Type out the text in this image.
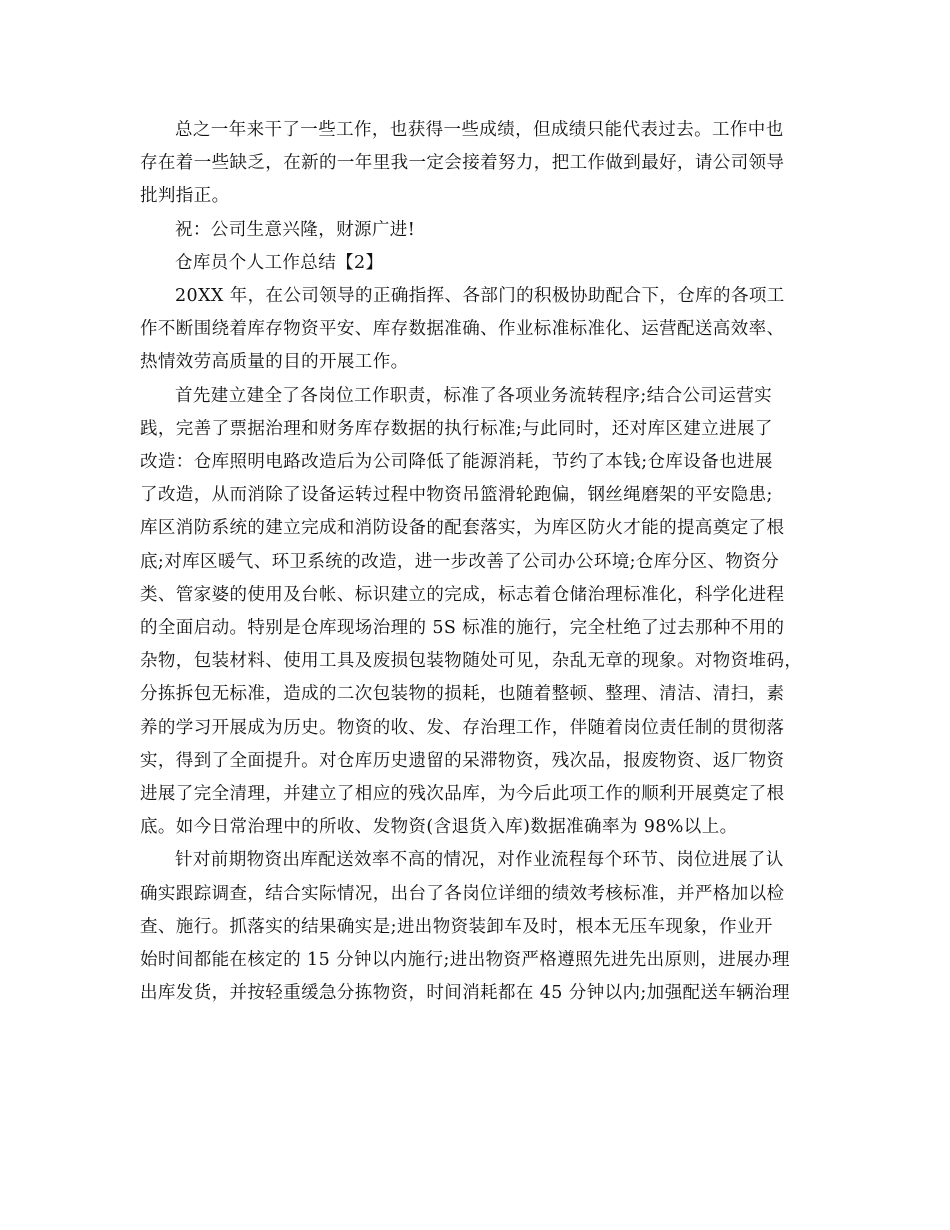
总之一年来干了一些工作，也获得一些成绩，但成绩只能代表过去。工作中也
存在着一些缺乏，在新的一年里我一定会接着努力，把工作做到最好，请公司领导
批判指正。
祝：公司生意兴隆，财源广进!
仓库员个人工作总结【2】
20XX 年，在公司领导的正确指挥、各部门的积极协助配合下，仓库的各项工
作不断围绕着库存物资平安、库存数据准确、作业标准标准化、运营配送高效率、
热情效劳高质量的目的开展工作。
首先建立建全了各岗位工作职责，标准了各项业务流转程序;结合公司运营实
践，完善了票据治理和财务库存数据的执行标准;与此同时，还对库区建立进展了
改造：仓库照明电路改造后为公司降低了能源消耗，节约了本钱;仓库设备也进展
了改造，从而消除了设备运转过程中物资吊篮滑轮跑偏，钢丝绳磨架的平安隐患;
库区消防系统的建立完成和消防设备的配套落实，为库区防火才能的提高奠定了根
底;对库区暖气、环卫系统的改造，进一步改善了公司办公环境;仓库分区、物资分
类、管家婆的使用及台帐、标识建立的完成，标志着仓储治理标准化，科学化进程
的全面启动。特别是仓库现场治理的 5S 标准的施行，完全杜绝了过去那种不用的
杂物，包装材料、使用工具及废损包装物随处可见，杂乱无章的现象。对物资堆码，
分拣拆包无标准，造成的二次包装物的损耗，也随着整顿、整理、清洁、清扫，素
养的学习开展成为历史。物资的收、发、存治理工作，伴随着岗位责任制的贯彻落
实，得到了全面提升。对仓库历史遗留的呆滞物资，残次品，报废物资、返厂物资
进展了完全清理，并建立了相应的残次品库，为今后此项工作的顺利开展奠定了根
底。如今日常治理中的所收、发物资(含退货入库)数据准确率为 98%以上。
针对前期物资出库配送效率不高的情况，对作业流程每个环节、岗位进展了认
确实跟踪调查，结合实际情况，出台了各岗位详细的绩效考核标准，并严格加以检
查、施行。抓落实的结果确实是;进出物资装卸车及时，根本无压车现象，作业开
始时间都能在核定的 15 分钟以内施行;进出物资严格遵照先进先出原则，进展办理
出库发货，并按轻重缓急分拣物资，时间消耗都在 45 分钟以内;加强配送车辆治理
